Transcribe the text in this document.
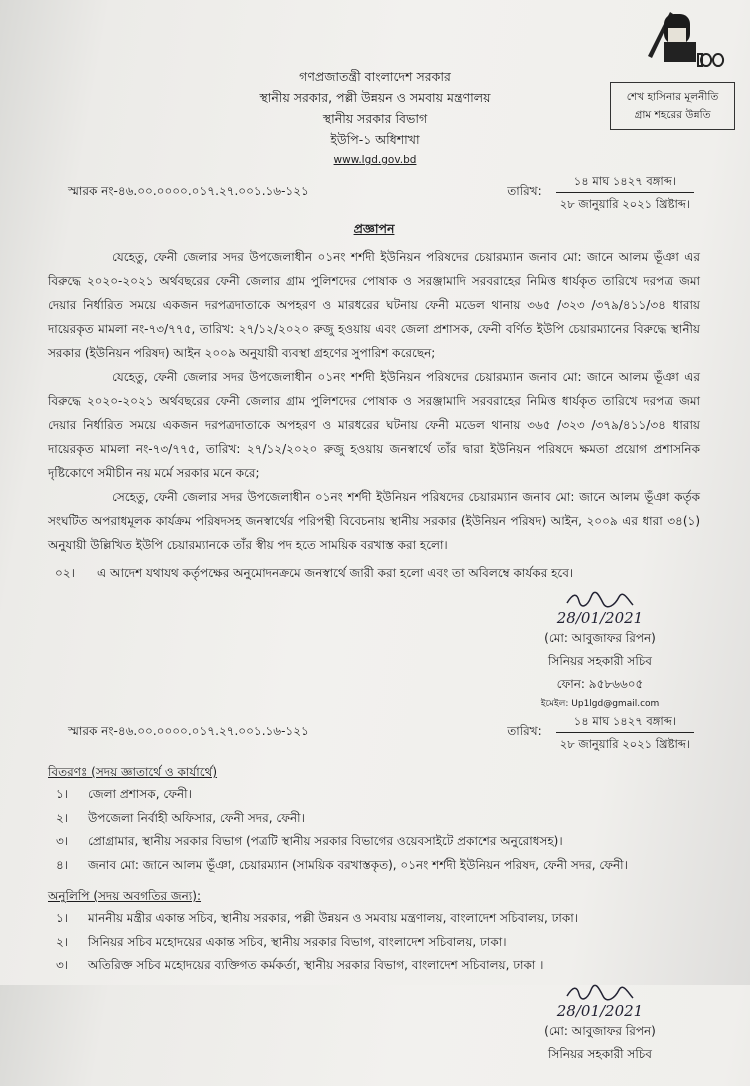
গণপ্রজাতন্ত্রী বাংলাদেশ সরকার
স্থানীয় সরকার, পল্লী উন্নয়ন ও সমবায় মন্ত্রণালয়
স্থানীয় সরকার বিভাগ
ইউপি-১ অধিশাখা
www.lgd.gov.bd
শেখ হাসিনার মূলনীতি
গ্রাম শহরের উন্নতি
স্মারক নং-৪৬.০০.০০০০.০১৭.২৭.০০১.১৬-১২১	তারিখ: $\frac{\text{১৪ মাঘ ১৪২৭ বঙ্গাব্দ।}}{\text{২৮ জানুয়ারি ২০২১ খ্রিষ্টাব্দ।}}$
প্রজ্ঞাপন

যেহেতু, ফেনী জেলার সদর উপজেলাধীন ০১নং শর্শদী ইউনিয়ন পরিষদের চেয়ারম্যান জনাব মো: জানে আলম ভূঁঞা এর বিরুদ্ধে ২০২০-২০২১ অর্থবছরের ফেনী জেলার গ্রাম পুলিশদের পোষাক ও সরঞ্জামাদি সরবরাহের নিমিত্ত ধার্যকৃত তারিখে দরপত্র জমা দেয়ার নির্ধারিত সময়ে একজন দরপত্রদাতাকে অপহরণ ও মারধরের ঘটনায় ফেনী মডেল থানায় ৩৬৫ /৩২৩ /৩৭৯/৪১১/৩৪ ধারায় দায়েরকৃত মামলা নং-৭৩/৭৭৫, তারিখ: ২৭/১২/২০২০ রুজু হওয়ায় এবং জেলা প্রশাসক, ফেনী বর্ণিত ইউপি চেয়ারম্যানের বিরুদ্ধে স্থানীয় সরকার (ইউনিয়ন পরিষদ) আইন ২০০৯ অনুযায়ী ব্যবস্থা গ্রহণের সুপারিশ করেছেন;

যেহেতু, ফেনী জেলার সদর উপজেলাধীন ০১নং শর্শদী ইউনিয়ন পরিষদের চেয়ারম্যান জনাব মো: জানে আলম ভূঁঞা এর বিরুদ্ধে ২০২০-২০২১ অর্থবছরের ফেনী জেলার গ্রাম পুলিশদের পোষাক ও সরঞ্জামাদি সরবরাহের নিমিত্ত ধার্যকৃত তারিখে দরপত্র জমা দেয়ার নির্ধারিত সময়ে একজন দরপত্রদাতাকে অপহরণ ও মারধরের ঘটনায় ফেনী মডেল থানায় ৩৬৫ /৩২৩ /৩৭৯/৪১১/৩৪ ধারায় দায়েরকৃত মামলা নং-৭৩/৭৭৫, তারিখ: ২৭/১২/২০২০ রুজু হওয়ায় জনস্বার্থে তাঁর দ্বারা ইউনিয়ন পরিষদে ক্ষমতা প্রয়োগ প্রশাসনিক দৃষ্টিকোণে সমীচীন নয় মর্মে সরকার মনে করে;

সেহেতু, ফেনী জেলার সদর উপজেলাধীন ০১নং শর্শদী ইউনিয়ন পরিষদের চেয়ারম্যান জনাব মো: জানে আলম ভূঁঞা কর্তৃক সংঘটিত অপরাধমূলক কার্যক্রম পরিষদসহ জনস্বার্থের পরিপন্থী বিবেচনায় স্থানীয় সরকার (ইউনিয়ন পরিষদ) আইন, ২০০৯ এর ধারা ৩৪(১) অনুযায়ী উল্লিখিত ইউপি চেয়ারম্যানকে তাঁর স্বীয় পদ হতে সাময়িক বরখাস্ত করা হলো।

০২।	এ আদেশ যথাযথ কর্তৃপক্ষের অনুমোদনক্রমে জনস্বার্থে জারী করা হলো এবং তা অবিলম্বে কার্যকর হবে।
28/01/2021
(মো: আবুজাফর রিপন)
সিনিয়র সহকারী সচিব
ফোন: ৯৫৮৬৬০৫
ইমেইল: Up1lgd@gmail.com
স্মারক নং-৪৬.০০.০০০০.০১৭.২৭.০০১.১৬-১২১	তারিখ: $\frac{\text{১৪ মাঘ ১৪২৭ বঙ্গাব্দ।}}{\text{২৮ জানুয়ারি ২০২১ খ্রিষ্টাব্দ।}}$
বিতরণঃ (সদয় জ্ঞাতার্থে ও কার্যার্থে)
১।	জেলা প্রশাসক, ফেনী।
২।	উপজেলা নির্বাহী অফিসার, ফেনী সদর, ফেনী।
৩।	প্রোগ্রামার, স্থানীয় সরকার বিভাগ (পত্রটি স্থানীয় সরকার বিভাগের ওয়েবসাইটে প্রকাশের অনুরোধসহ)।
৪।	জনাব মো: জানে আলম ভূঁঞা, চেয়ারম্যান (সাময়িক বরখাস্তকৃত), ০১নং শর্শদী ইউনিয়ন পরিষদ, ফেনী সদর, ফেনী।
অনুলিপি (সদয় অবগতির জন্য):
১।	মাননীয় মন্ত্রীর একান্ত সচিব, স্থানীয় সরকার, পল্লী উন্নয়ন ও সমবায় মন্ত্রণালয়, বাংলাদেশ সচিবালয়, ঢাকা।
২।	সিনিয়র সচিব মহোদয়ের একান্ত সচিব, স্থানীয় সরকার বিভাগ, বাংলাদেশ সচিবালয়, ঢাকা।
৩।	অতিরিক্ত সচিব মহোদয়ের ব্যক্তিগত কর্মকর্তা, স্থানীয় সরকার বিভাগ, বাংলাদেশ সচিবালয়, ঢাকা ।
28/01/2021
(মো: আবুজাফর রিপন)
সিনিয়র সহকারী সচিব
